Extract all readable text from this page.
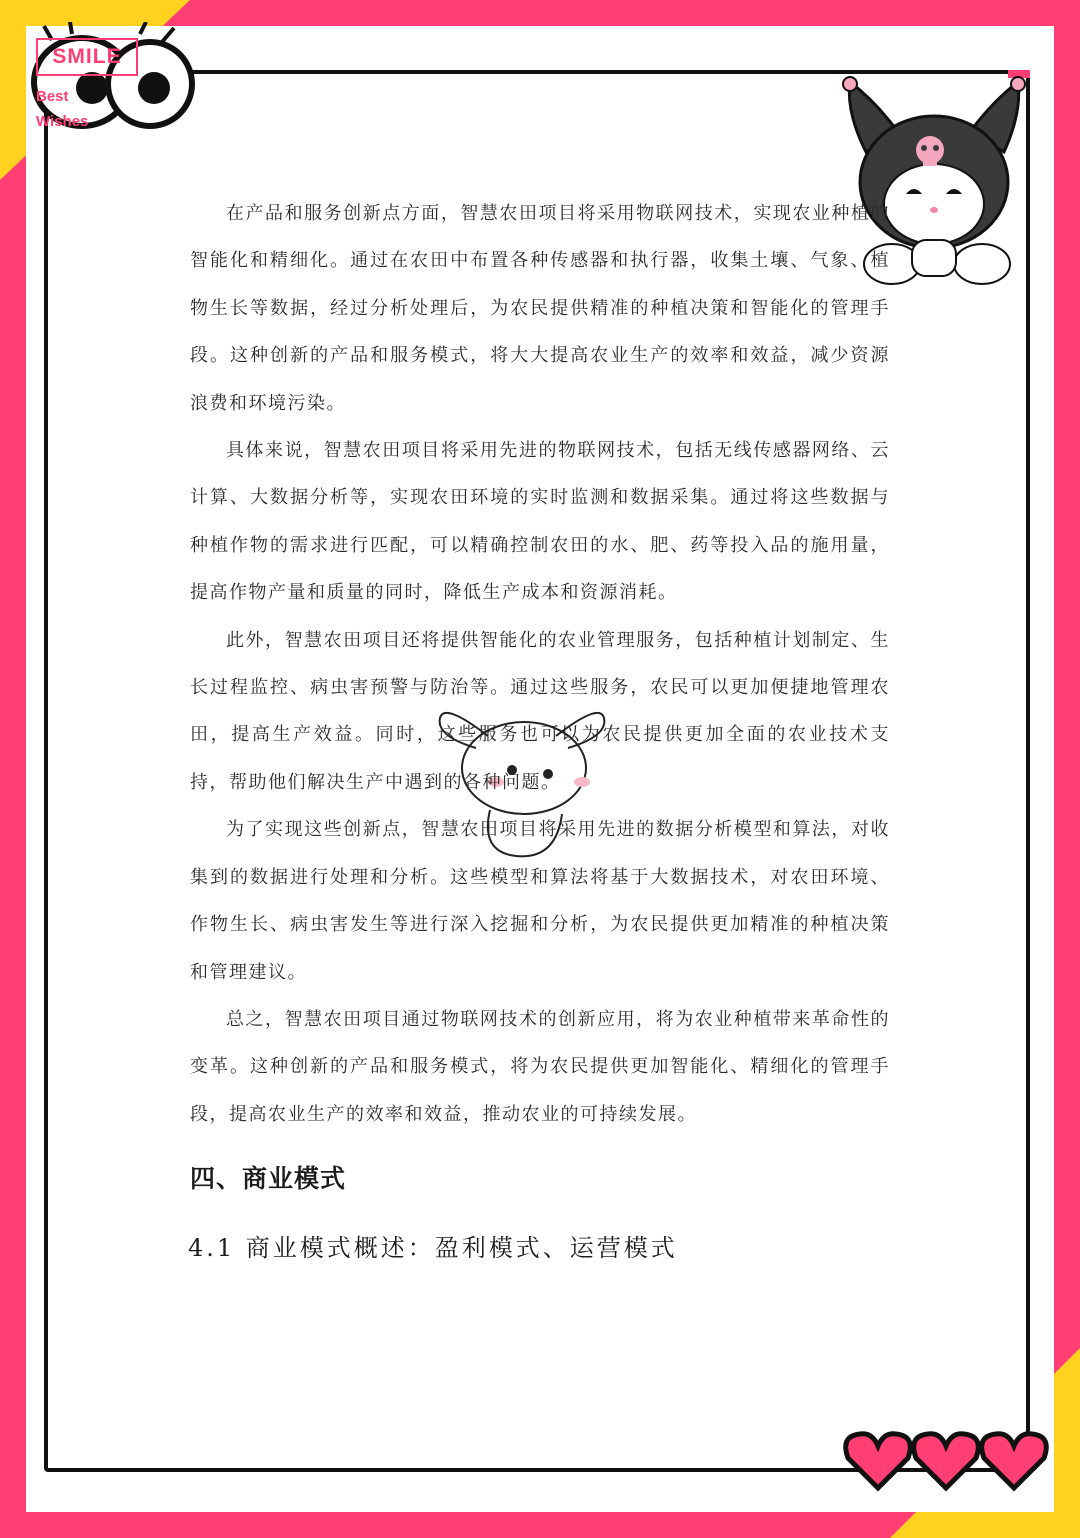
SMILE
Best
Wishes

在产品和服务创新点方面，智慧农田项目将采用物联网技术，实现农业种植的智能化和精细化。通过在农田中布置各种传感器和执行器，收集土壤、气象、植物生长等数据，经过分析处理后，为农民提供精准的种植决策和智能化的管理手段。这种创新的产品和服务模式，将大大提高农业生产的效率和效益，减少资源浪费和环境污染。

具体来说，智慧农田项目将采用先进的物联网技术，包括无线传感器网络、云计算、大数据分析等，实现农田环境的实时监测和数据采集。通过将这些数据与种植作物的需求进行匹配，可以精确控制农田的水、肥、药等投入品的施用量，提高作物产量和质量的同时，降低生产成本和资源消耗。

此外，智慧农田项目还将提供智能化的农业管理服务，包括种植计划制定、生长过程监控、病虫害预警与防治等。通过这些服务，农民可以更加便捷地管理农田，提高生产效益。同时，这些服务也可以为农民提供更加全面的农业技术支持，帮助他们解决生产中遇到的各种问题。

为了实现这些创新点，智慧农田项目将采用先进的数据分析模型和算法，对收集到的数据进行处理和分析。这些模型和算法将基于大数据技术，对农田环境、作物生长、病虫害发生等进行深入挖掘和分析，为农民提供更加精准的种植决策和管理建议。

总之，智慧农田项目通过物联网技术的创新应用，将为农业种植带来革命性的变革。这种创新的产品和服务模式，将为农民提供更加智能化、精细化的管理手段，提高农业生产的效率和效益，推动农业的可持续发展。

四、商业模式
4.1 商业模式概述：盈利模式、运营模式
